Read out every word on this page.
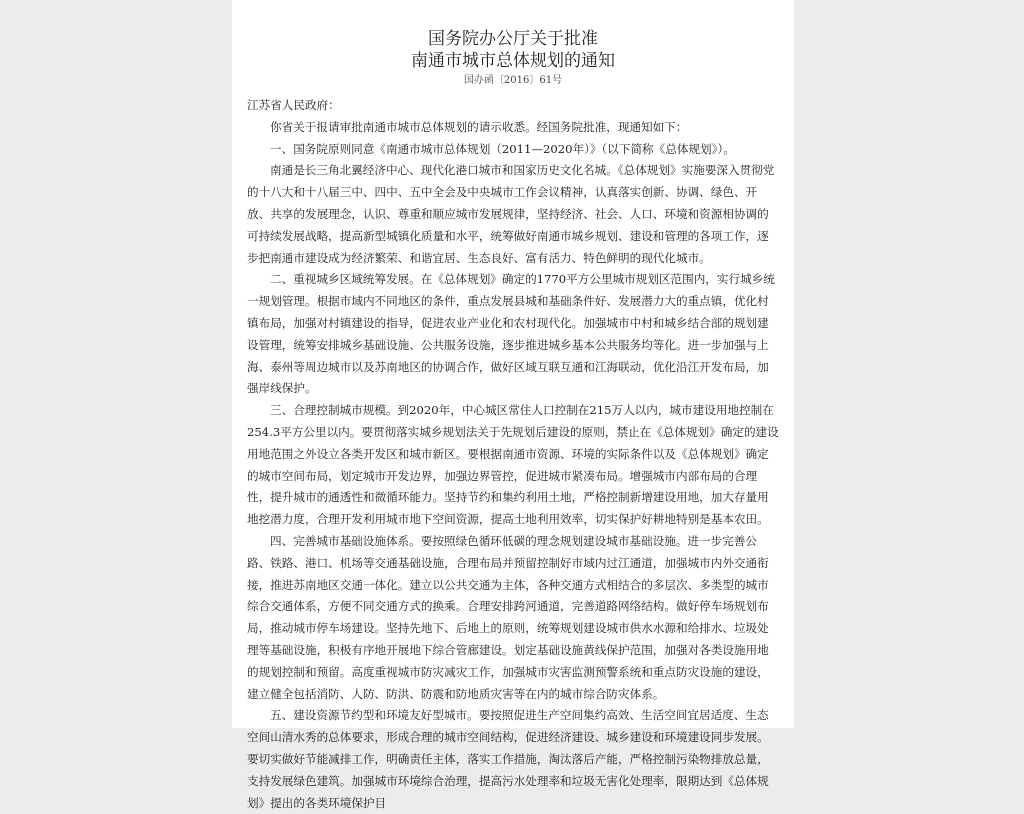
国务院办公厅关于批准
南通市城市总体规划的通知
国办函〔2016〕61号

江苏省人民政府：

你省关于报请审批南通市城市总体规划的请示收悉。经国务院批准，现通知如下：

一、国务院原则同意《南通市城市总体规划（2011—2020年）》（以下简称《总体规划》）。

南通是长三角北翼经济中心、现代化港口城市和国家历史文化名城。《总体规划》实施要深入贯彻党的十八大和十八届三中、四中、五中全会及中央城市工作会议精神，认真落实创新、协调、绿色、开放、共享的发展理念，认识、尊重和顺应城市发展规律，坚持经济、社会、人口、环境和资源相协调的可持续发展战略，提高新型城镇化质量和水平，统筹做好南通市城乡规划、建设和管理的各项工作，逐步把南通市建设成为经济繁荣、和谐宜居、生态良好、富有活力、特色鲜明的现代化城市。

二、重视城乡区域统筹发展。在《总体规划》确定的1770平方公里城市规划区范围内，实行城乡统一规划管理。根据市域内不同地区的条件，重点发展县城和基础条件好、发展潜力大的重点镇，优化村镇布局，加强对村镇建设的指导，促进农业产业化和农村现代化。加强城市中村和城乡结合部的规划建设管理，统筹安排城乡基础设施、公共服务设施，逐步推进城乡基本公共服务均等化。进一步加强与上海、泰州等周边城市以及苏南地区的协调合作，做好区域互联互通和江海联动，优化沿江开发布局，加强岸线保护。

三、合理控制城市规模。到2020年，中心城区常住人口控制在215万人以内，城市建设用地控制在254.3平方公里以内。要贯彻落实城乡规划法关于先规划后建设的原则，禁止在《总体规划》确定的建设用地范围之外设立各类开发区和城市新区。要根据南通市资源、环境的实际条件以及《总体规划》确定的城市空间布局，划定城市开发边界，加强边界管控，促进城市紧凑布局。增强城市内部布局的合理性，提升城市的通透性和微循环能力。坚持节约和集约利用土地，严格控制新增建设用地，加大存量用地挖潜力度，合理开发利用城市地下空间资源，提高土地利用效率，切实保护好耕地特别是基本农田。

四、完善城市基础设施体系。要按照绿色循环低碳的理念规划建设城市基础设施。进一步完善公路、铁路、港口、机场等交通基础设施，合理布局并预留控制好市域内过江通道，加强城市内外交通衔接，推进苏南地区交通一体化。建立以公共交通为主体，各种交通方式相结合的多层次、多类型的城市综合交通体系，方便不同交通方式的换乘。合理安排跨河通道，完善道路网络结构。做好停车场规划布局，推动城市停车场建设。坚持先地下、后地上的原则，统筹规划建设城市供水水源和给排水、垃圾处理等基础设施，积极有序地开展地下综合管廊建设。划定基础设施黄线保护范围，加强对各类设施用地的规划控制和预留。高度重视城市防灾减灾工作，加强城市灾害监测预警系统和重点防灾设施的建设，建立健全包括消防、人防、防洪、防震和防地质灾害等在内的城市综合防灾体系。

五、建设资源节约型和环境友好型城市。要按照促进生产空间集约高效、生活空间宜居适度、生态空间山清水秀的总体要求，形成合理的城市空间结构，促进经济建设、城乡建设和环境建设同步发展。要切实做好节能减排工作，明确责任主体，落实工作措施，淘汰落后产能，严格控制污染物排放总量，支持发展绿色建筑。加强城市环境综合治理，提高污水处理率和垃圾无害化处理率，限期达到《总体规划》提出的各类环境保护目
